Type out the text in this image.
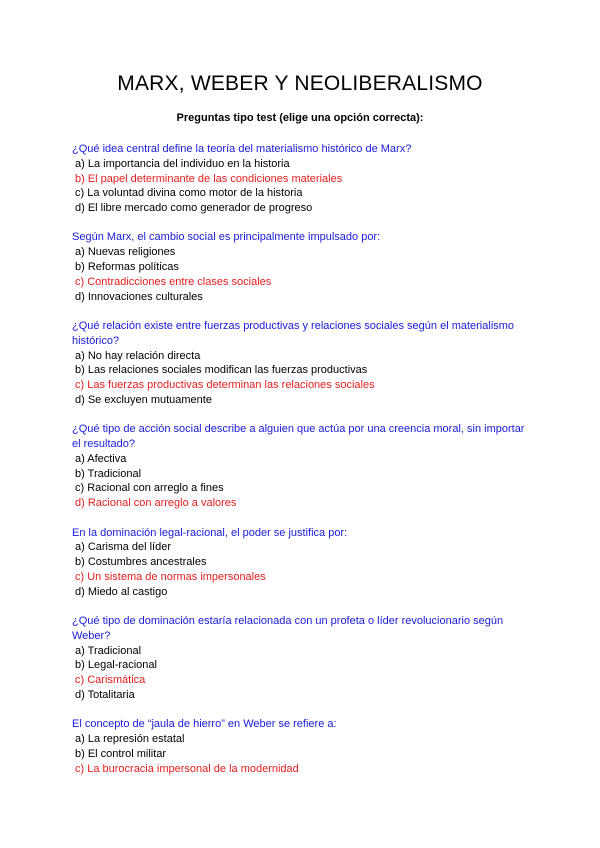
MARX, WEBER Y NEOLIBERALISMO
Preguntas tipo test (elige una opción correcta):
¿Qué idea central define la teoría del materialismo histórico de Marx?
a) La importancia del individuo en la historia
b) El papel determinante de las condiciones materiales
c) La voluntad divina como motor de la historia
d) El libre mercado como generador de progreso
Según Marx, el cambio social es principalmente impulsado por:
a) Nuevas religiones
b) Reformas políticas
c) Contradicciones entre clases sociales
d) Innovaciones culturales
¿Qué relación existe entre fuerzas productivas y relaciones sociales según el materialismo histórico?
a) No hay relación directa
b) Las relaciones sociales modifican las fuerzas productivas
c) Las fuerzas productivas determinan las relaciones sociales
d) Se excluyen mutuamente
¿Qué tipo de acción social describe a alguien que actúa por una creencia moral, sin importar el resultado?
a) Afectiva
b) Tradicional
c) Racional con arreglo a fines
d) Racional con arreglo a valores
En la dominación legal-racional, el poder se justifica por:
a) Carisma del líder
b) Costumbres ancestrales
c) Un sistema de normas impersonales
d) Miedo al castigo
¿Qué tipo de dominación estaría relacionada con un profeta o líder revolucionario según Weber?
a) Tradicional
b) Legal-racional
c) Carismática
d) Totalitaria
El concepto de “jaula de hierro” en Weber se refiere a:
a) La represión estatal
b) El control militar
c) La burocracia impersonal de la modernidad
